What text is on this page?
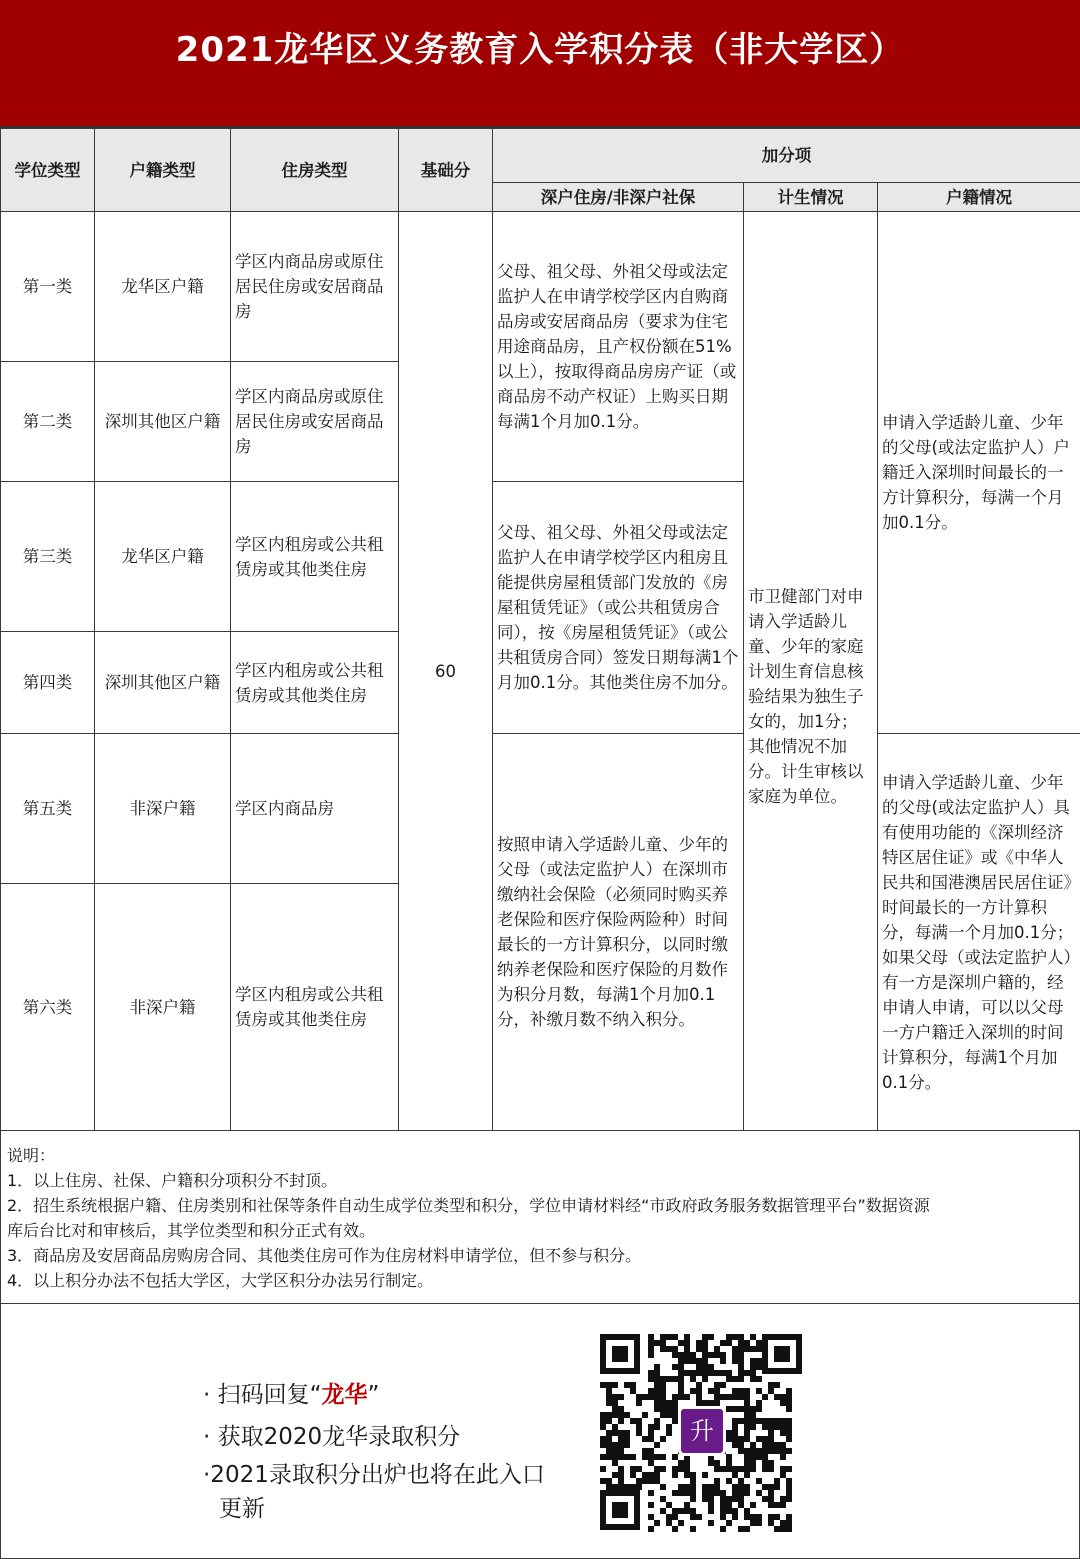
2021龙华区义务教育入学积分表（非大学区）
学位类型	户籍类型	住房类型	基础分	加分项		
				深户住房/非深户社保	计生情况	户籍情况
第一类	龙华区户籍	学区内商品房或原住居民住房或安居商品房	60	父母、祖父母、外祖父母或法定监护人在申请学校学区内自购商品房或安居商品房（要求为住宅用途商品房，且产权份额在51%以上），按取得商品房房产证（或商品房不动产权证）上购买日期每满1个月加0.1分。	市卫健部门对申请入学适龄儿童、少年的家庭计划生育信息核验结果为独生子女的，加1分；其他情况不加分。计生审核以家庭为单位。	申请入学适龄儿童、少年的父母(或法定监护人）户籍迁入深圳时间最长的一方计算积分，每满一个月加0.1分。
第二类	深圳其他区户籍	学区内商品房或原住居民住房或安居商品房				
第三类	龙华区户籍	学区内租房或公共租赁房或其他类住房		父母、祖父母、外祖父母或法定监护人在申请学校学区内租房且能提供房屋租赁部门发放的《房屋租赁凭证》（或公共租赁房合同），按《房屋租赁凭证》（或公共租赁房合同）签发日期每满1个月加0.1分。其他类住房不加分。		
第四类	深圳其他区户籍	学区内租房或公共租赁房或其他类住房				
第五类	非深户籍	学区内商品房		按照申请入学适龄儿童、少年的父母（或法定监护人）在深圳市缴纳社会保险（必须同时购买养老保险和医疗保险两险种）时间最长的一方计算积分，以同时缴纳养老保险和医疗保险的月数作为积分月数，每满1个月加0.1分，补缴月数不纳入积分。		申请入学适龄儿童、少年的父母(或法定监护人）具有使用功能的《深圳经济特区居住证》或《中华人民共和国港澳居民居住证》时间最长的一方计算积分，每满一个月加0.1分；如果父母（或法定监护人）有一方是深圳户籍的，经申请人申请，可以以父母一方户籍迁入深圳的时间计算积分，每满1个月加0.1分。
第六类	非深户籍	学区内租房或公共租赁房或其他类住房				
说明：
1．以上住房、社保、户籍积分项积分不封顶。
2．招生系统根据户籍、住房类别和社保等条件自动生成学位类型和积分，学位申请材料经“市政府政务服务数据管理平台”数据资源
库后台比对和审核后，其学位类型和积分正式有效。
3．商品房及安居商品房购房合同、其他类住房可作为住房材料申请学位，但不参与积分。
4．以上积分办法不包括大学区，大学区积分办法另行制定。
· 扫码回复“龙华”
· 获取2020龙华录取积分
·2021录取积分出炉也将在此入口
更新
升
